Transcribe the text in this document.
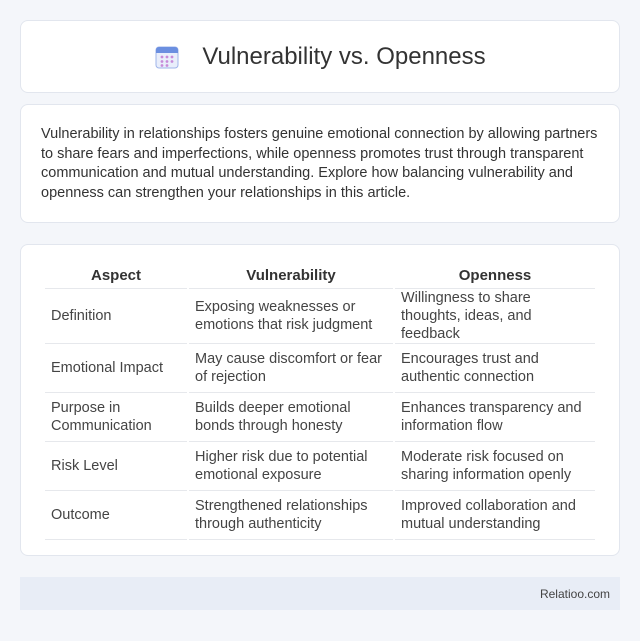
Vulnerability vs. Openness

Vulnerability in relationships fosters genuine emotional connection by allowing partners to share fears and imperfections, while openness promotes trust through transparent communication and mutual understanding. Explore how balancing vulnerability and openness can strengthen your relationships in this article.

Aspect	Vulnerability	Openness
Definition	Exposing weaknesses or emotions that risk judgment	Willingness to share thoughts, ideas, and feedback
Emotional Impact	May cause discomfort or fear of rejection	Encourages trust and authentic connection
Purpose in Communication	Builds deeper emotional bonds through honesty	Enhances transparency and information flow
Risk Level	Higher risk due to potential emotional exposure	Moderate risk focused on sharing information openly
Outcome	Strengthened relationships through authenticity	Improved collaboration and mutual understanding
Relatioo.com
